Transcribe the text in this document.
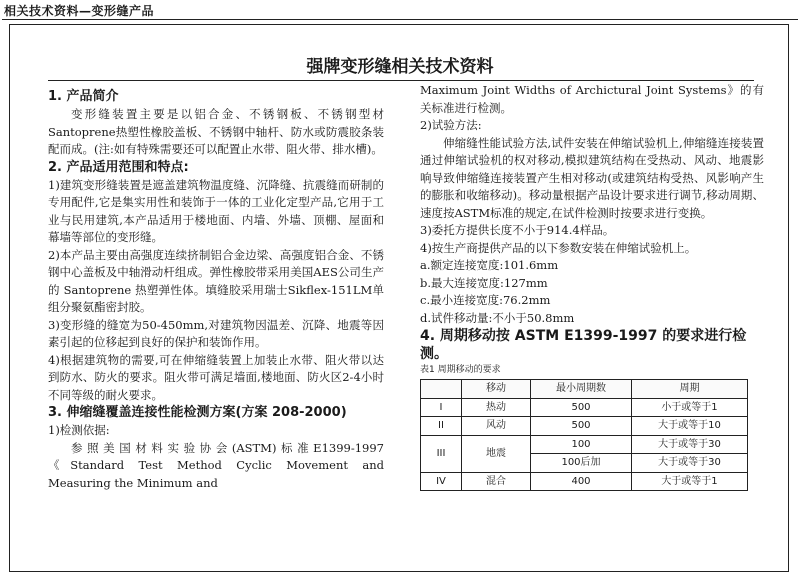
相关技术资料—变形缝产品
强牌变形缝相关技术资料
1. 产品简介

变形缝装置主要是以铝合金、不锈钢板、不锈钢型材Santoprene热塑性橡胶盖板、不锈钢中轴杆、防水或防震胶条装配而成。(注:如有特殊需要还可以配置止水带、阻火带、排水槽)。

2. 产品适用范围和特点:

1)建筑变形缝装置是遮盖建筑物温度缝、沉降缝、抗震缝而研制的专用配件,它是集实用性和装饰于一体的工业化定型产品,它用于工业与民用建筑,本产品适用于楼地面、内墙、外墙、顶棚、屋面和幕墙等部位的变形缝。

2)本产品主要由高强度连续挤制铝合金边梁、高强度铝合金、不锈钢中心盖板及中轴滑动杆组成。弹性橡胶带采用美国AES公司生产的 Santoprene 热塑弹性体。填缝胶采用瑞士Sikflex-151LM单组分聚氨酯密封胶。

3)变形缝的缝宽为50-450mm,对建筑物因温差、沉降、地震等因素引起的位移起到良好的保护和装饰作用。

4)根据建筑物的需要,可在伸缩缝装置上加装止水带、阻火带以达到防水、防火的要求。阻火带可满足墙面,楼地面、防火区2-4小时不同等级的耐火要求。

3. 伸缩缝覆盖连接性能检测方案(方案 208-2000)

1)检测依据:

参照美国材料实验协会(ASTM)标准E1399-1997《Standard Test Method Cyclic Movement and Measuring the Minimum and

Maximum Joint Widths of Archictural Joint Systems》的有关标准进行检测。

2)试验方法:

伸缩缝性能试验方法,试件安装在伸缩试验机上,伸缩缝连接装置通过伸缩试验机的权对移动,模拟建筑结构在受热动、风动、地震影响导致伸缩缝连接装置产生相对移动(或建筑结构受热、风影响产生的膨胀和收缩移动)。移动量根据产品设计要求进行调节,移动周期、速度按ASTM标准的规定,在试件检测时按要求进行变换。

3)委托方提供长度不小于914.4样品。

4)按生产商提供产品的以下参数安装在伸缩试验机上。

a.额定连接宽度:101.6mm

b.最大连接宽度:127mm

c.最小连接宽度:76.2mm

d.试件移动量:不小于50.8mm

4. 周期移动按 ASTM E1399-1997 的要求进行检测。
表1 周期移动的要求
	移动	最小周期数	周期
I	热动	500	小于或等于1
II	风动	500	大于或等于10
III	地震	100	大于或等于30
		100后加	大于或等于30
IV	混合	400	大于或等于1
